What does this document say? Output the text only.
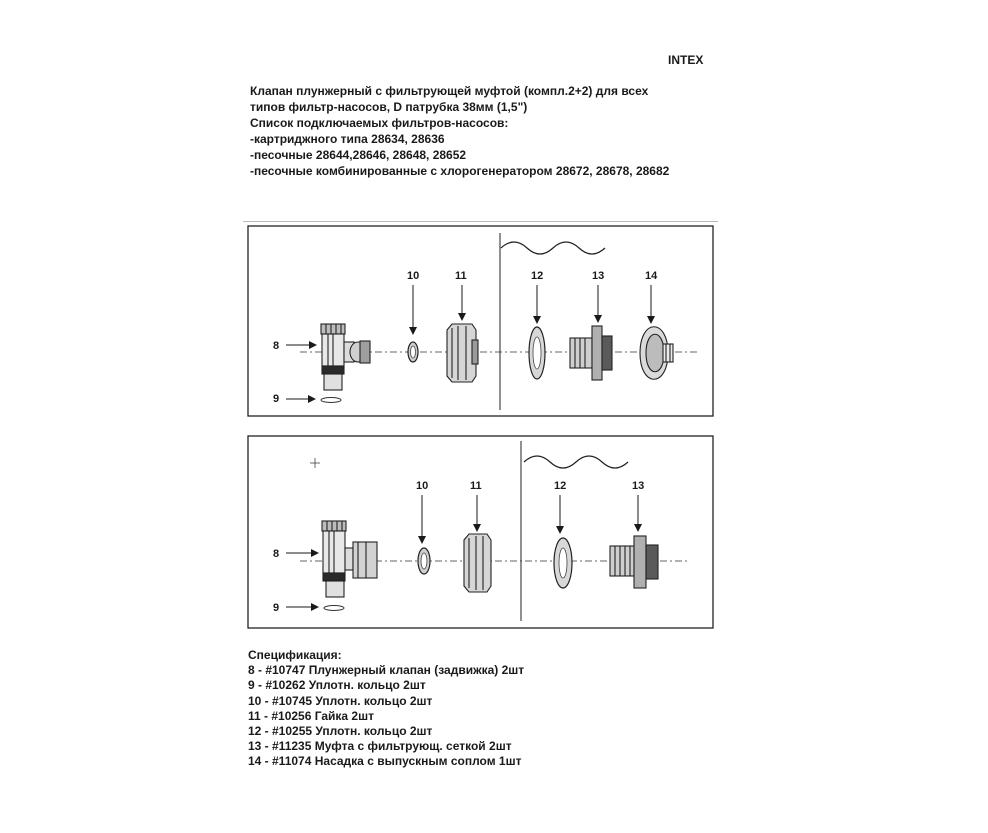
INTEX
Клапан плунжерный с фильтрующей муфтой (компл.2+2) для всех
типов фильтр-насосов, D патрубка 38мм (1,5")
Список подключаемых фильтров-насосов:
-картриджного типа 28634, 28636
-песочные 28644,28646, 28648, 28652
-песочные комбинированные с хлорогенератором 28672, 28678, 28682
8
9
10	11	12	13	14
8
9
10	11	12	13
Спецификация:
8 - #10747 Плунжерный клапан (задвижка) 2шт
9 - #10262 Уплотн. кольцо 2шт
10 - #10745 Уплотн. кольцо 2шт
11 - #10256 Гайка 2шт
12 - #10255 Уплотн. кольцо 2шт
13 - #11235 Муфта с фильтрующ. сеткой 2шт
14 - #11074 Насадка с выпускным соплом 1шт
